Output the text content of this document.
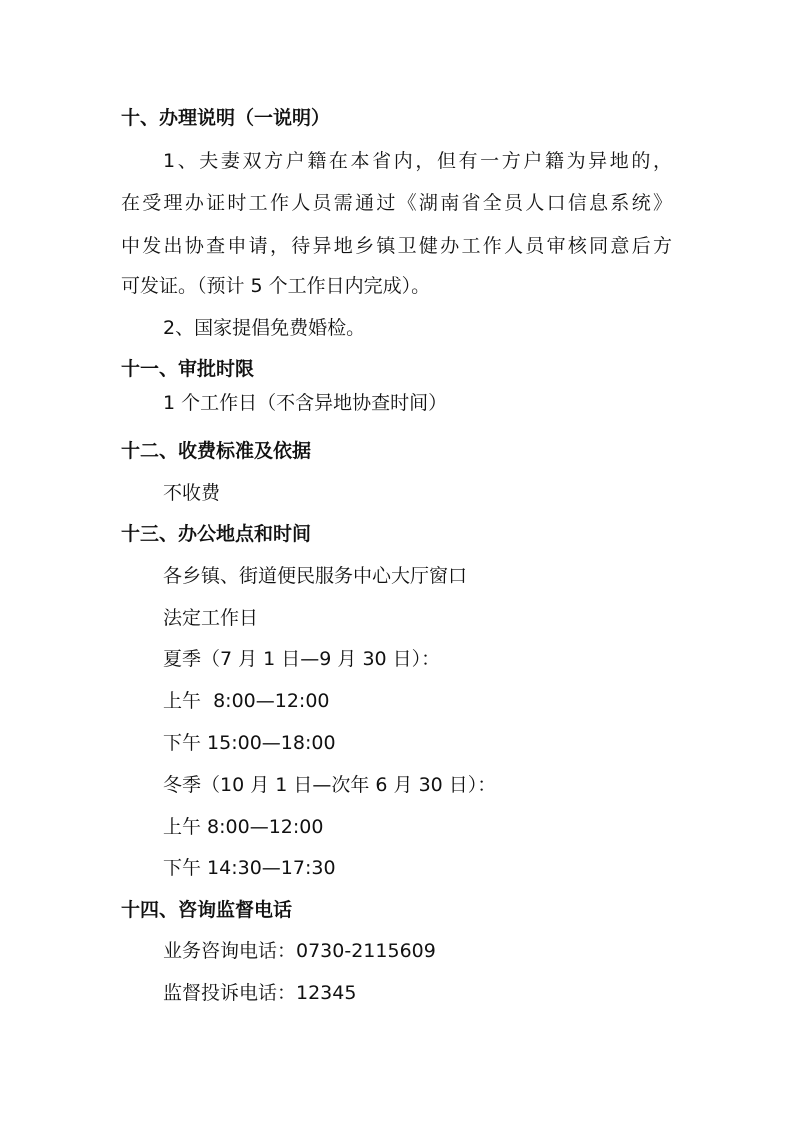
十、办理说明（一说明）
1、夫妻双方户籍在本省内，但有一方户籍为异地的，
在受理办证时工作人员需通过《湖南省全员人口信息系统》
中发出协查申请，待异地乡镇卫健办工作人员审核同意后方
可发证。（预计 5 个工作日内完成）。
2、国家提倡免费婚检。
十一、审批时限
1 个工作日（不含异地协查时间）
十二、收费标准及依据
不收费
十三、办公地点和时间
各乡镇、街道便民服务中心大厅窗口
法定工作日
夏季（7 月 1 日—9 月 30 日）：
上午  8:00—12:00
下午 15:00—18:00
冬季（10 月 1 日—次年 6 月 30 日）：
上午 8:00—12:00
下午 14:30—17:30
十四、咨询监督电话
业务咨询电话：0730-2115609
监督投诉电话：12345
